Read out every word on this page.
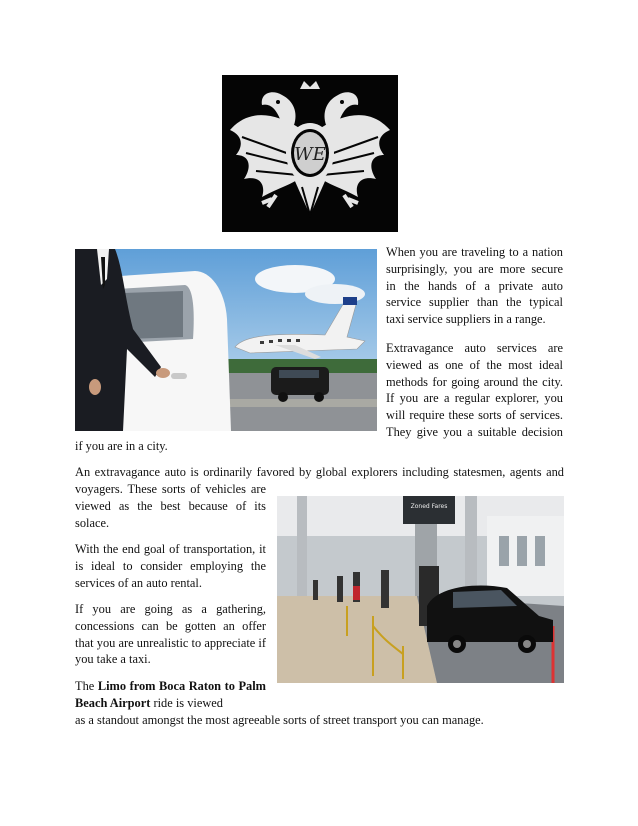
WE

When you are traveling to a nation surprisingly, you are more secure in the hands of a private auto service supplier than the typical taxi service suppliers in a range.

Extravagance auto services are viewed as one of the most ideal methods for going around the city. If you are a regular explorer, you will require these sorts of services. They give you a suitable decision

if you are in a city.

An extravagance auto is ordinarily favored by global explorers including statesmen, agents and

Zoned Fares

voyagers. These sorts of vehicles are viewed as the best because of its solace.

With the end goal of transportation, it is ideal to consider employing the services of an auto rental.

If you are going as a gathering, concessions can be gotten an offer that you are unrealistic to appreciate if you take a taxi.

The Limo from Boca Raton to Palm Beach Airport ride is viewed

as a standout amongst the most agreeable sorts of street transport you can manage.
